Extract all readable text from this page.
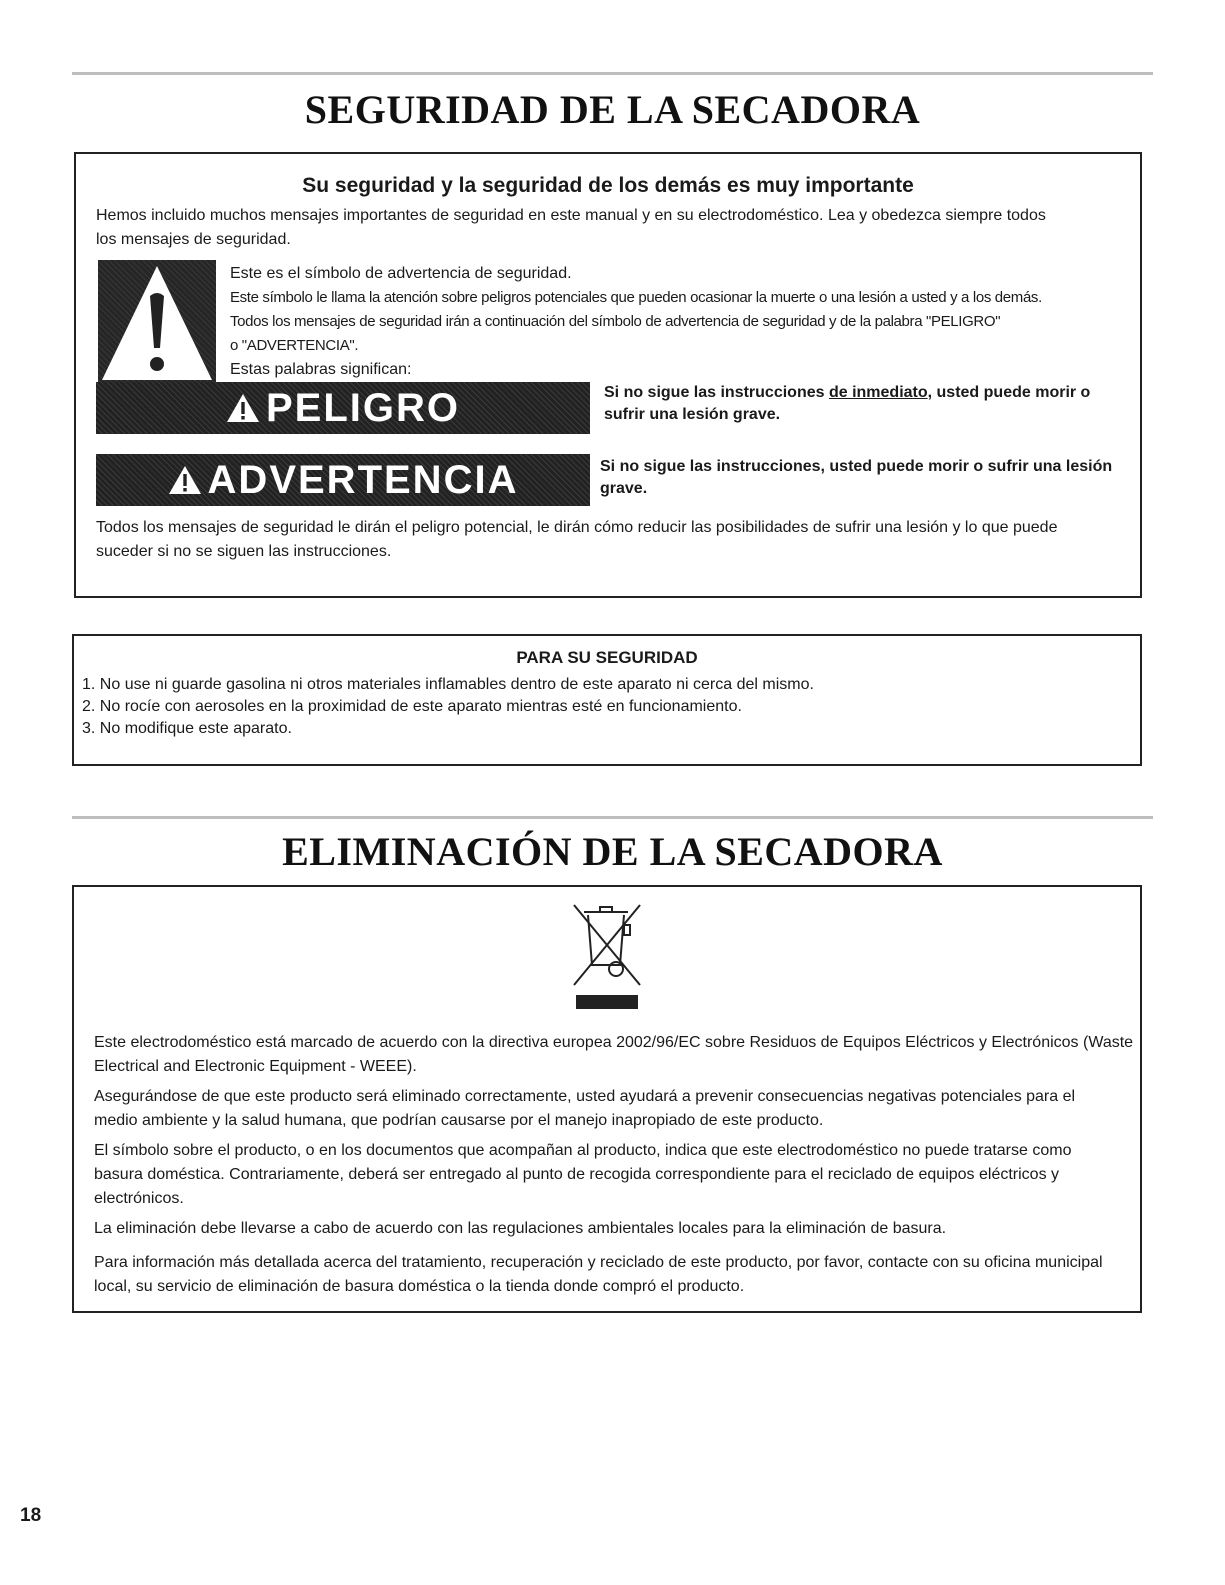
SEGURIDAD DE LA SECADORA
Su seguridad y la seguridad de los demás es muy importante

Hemos incluido muchos mensajes importantes de seguridad en este manual y en su electrodoméstico. Lea y obedezca siempre todos los mensajes de seguridad.

Este es el símbolo de advertencia de seguridad.

Este símbolo le llama la atención sobre peligros potenciales que pueden ocasionar la muerte o una lesión a usted y a los demás.

Todos los mensajes de seguridad irán a continuación del símbolo de advertencia de seguridad y de la palabra "PELIGRO"

o "ADVERTENCIA".

Estas palabras significan:

PELIGRO	Si no sigue las instrucciones de inmediato, usted puede morir o sufrir una lesión grave.

ADVERTENCIA	Si no sigue las instrucciones, usted puede morir o sufrir una lesión grave.

Todos los mensajes de seguridad le dirán el peligro potencial, le dirán cómo reducir las posibilidades de sufrir una lesión y lo que puede suceder si no se siguen las instrucciones.

PARA SU SEGURIDAD
1. No use ni guarde gasolina ni otros materiales inflamables dentro de este aparato ni cerca del mismo.
2. No rocíe con aerosoles en la proximidad de este aparato mientras esté en funcionamiento.
3. No modifique este aparato.
ELIMINACIÓN DE LA SECADORA

Este electrodoméstico está marcado de acuerdo con la directiva europea 2002/96/EC sobre Residuos de Equipos Eléctricos y Electrónicos (Waste Electrical and Electronic Equipment - WEEE).

Asegurándose de que este producto será eliminado correctamente, usted ayudará a prevenir consecuencias negativas potenciales para el medio ambiente y la salud humana, que podrían causarse por el manejo inapropiado de este producto.

El símbolo sobre el producto, o en los documentos que acompañan al producto, indica que este electrodoméstico no puede tratarse como basura doméstica. Contrariamente, deberá ser entregado al punto de recogida correspondiente para el reciclado de equipos eléctricos y electrónicos.

La eliminación debe llevarse a cabo de acuerdo con las regulaciones ambientales locales para la eliminación de basura.

Para información más detallada acerca del tratamiento, recuperación y reciclado de este producto, por favor, contacte con su oficina municipal local, su servicio de eliminación de basura doméstica o la tienda donde compró el producto.

18
